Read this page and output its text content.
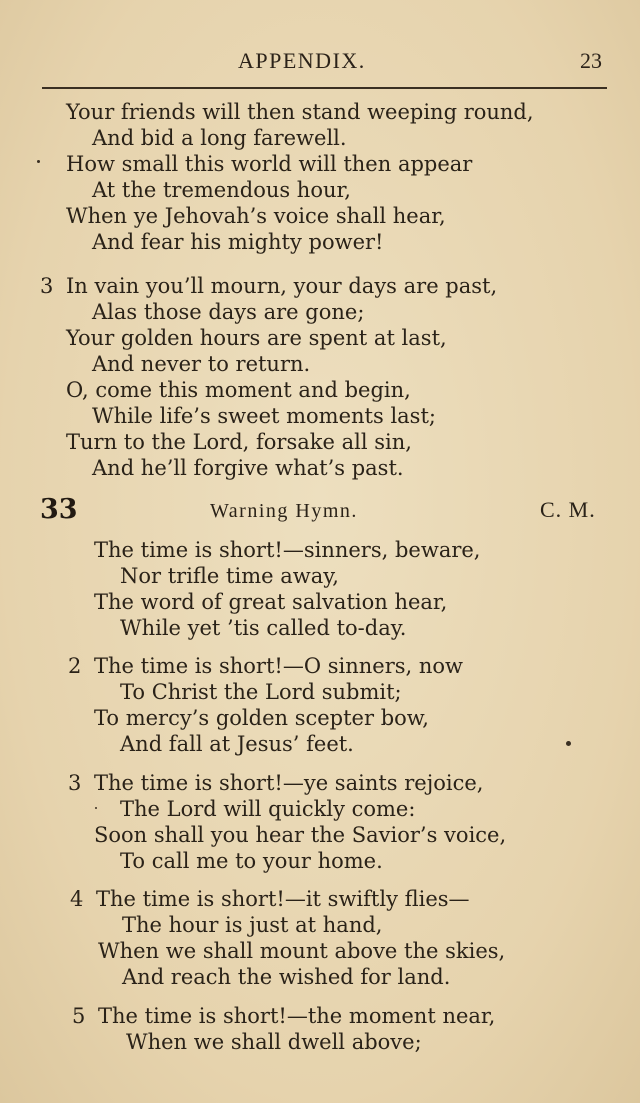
APPENDIX.	23
Your friends will then stand weeping round,
And bid a long farewell.
How small this world will then appear
At the tremendous hour,
When ye Jehovah’s voice shall hear,
And fear his mighty power!
3 In vain you’ll mourn, your days are past,
Alas those days are gone;
Your golden hours are spent at last,
And never to return.
O, come this moment and begin,
While life’s sweet moments last;
Turn to the Lord, forsake all sin,
And he’ll forgive what’s past.
33	Warning Hymn.	C. M.
The time is short!—sinners, beware,
Nor trifle time away,
The word of great salvation hear,
While yet ’tis called to-day.
2 The time is short!—O sinners, now
To Christ the Lord submit;
To mercy’s golden scepter bow,
And fall at Jesus’ feet.
3 The time is short!—ye saints rejoice,
The Lord will quickly come:
Soon shall you hear the Savior’s voice,
To call me to your home.
4 The time is short!—it swiftly flies—
The hour is just at hand,
When we shall mount above the skies,
And reach the wished for land.
5 The time is short!—the moment near,
When we shall dwell above;
